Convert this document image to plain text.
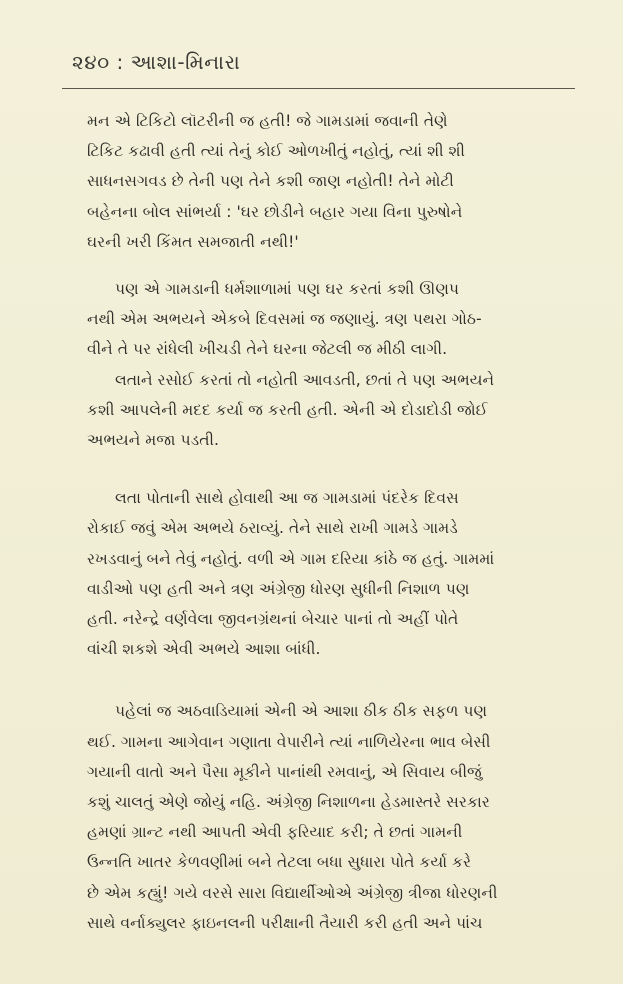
૨૪૦ : આશા-મિનારા

મન એ ટિકિટો લૉટરીની જ હતી! જે ગામડામાં જવાની તેણે
ટિકિટ કઢાવી હતી ત્યાં તેનું કોઈ ઓળખીતું નહોતું, ત્યાં શી શી
સાધનસગવડ છે તેની પણ તેને કશી જાણ નહોતી! તેને મોટી
બહેનના બોલ સાંભર્યા : 'ઘર છોડીને બહાર ગયા વિના પુરુષોને
ઘરની ખરી કિંમત સમજાતી નથી!'

પણ એ ગામડાની ધર્મશાળામાં પણ ઘર કરતાં કશી ઊણપ
નથી એમ અભયને એકબે દિવસમાં જ જણાયું. ત્રણ પથરા ગોઠ-
વીને તે પર રાંધેલી ખીચડી તેને ઘરના જેટલી જ મીઠી લાગી.

લતાને રસોઈ કરતાં તો નહોતી આવડતી, છતાં તે પણ અભયને
કશી આપલેની મદદ કર્યા જ કરતી હતી. એની એ દોડાદોડી જોઈ
અભયને મજા પડતી.

લતા પોતાની સાથે હોવાથી આ જ ગામડામાં પંદરેક દિવસ
રોકાઈ જવું એમ અભયે ઠરાવ્યું. તેને સાથે રાખી ગામડે ગામડે
રખડવાનું બને તેવું નહોતું. વળી એ ગામ દરિયા કાંઠે જ હતું. ગામમાં
વાડીઓ પણ હતી અને ત્રણ અંગ્રેજી ધોરણ સુધીની નિશાળ પણ
હતી. નરેન્દ્રે વર્ણવેલા જીવનગ્રંથનાં બેચાર પાનાં તો અહીં પોતે
વાંચી શકશે એવી અભયે આશા બાંધી.

પહેલાં જ અઠવાડિયામાં એની એ આશા ઠીક ઠીક સફળ પણ
થઈ. ગામના આગેવાન ગણાતા વેપારીને ત્યાં નાળિયેરના ભાવ બેસી
ગયાની વાતો અને પૈસા મૂકીને પાનાંથી રમવાનું, એ સિવાય બીજું
કશું ચાલતું એણે જોયું નહિ. અંગ્રેજી નિશાળના હેડમાસ્તરે સરકાર
હમણાં ગ્રાન્ટ નથી આપતી એવી ફરિયાદ કરી; તે છતાં ગામની
ઉન્નતિ ખાતર કેળવણીમાં બને તેટલા બધા સુધારા પોતે કર્યા કરે
છે એમ કહ્યું! ગયે વરસે સારા વિદ્યાર્થીઓએ અંગ્રેજી ત્રીજા ધોરણની
સાથે વર્નાક્યુલર ફાઇનલની પરીક્ષાની તૈયારી કરી હતી અને પાંચ
